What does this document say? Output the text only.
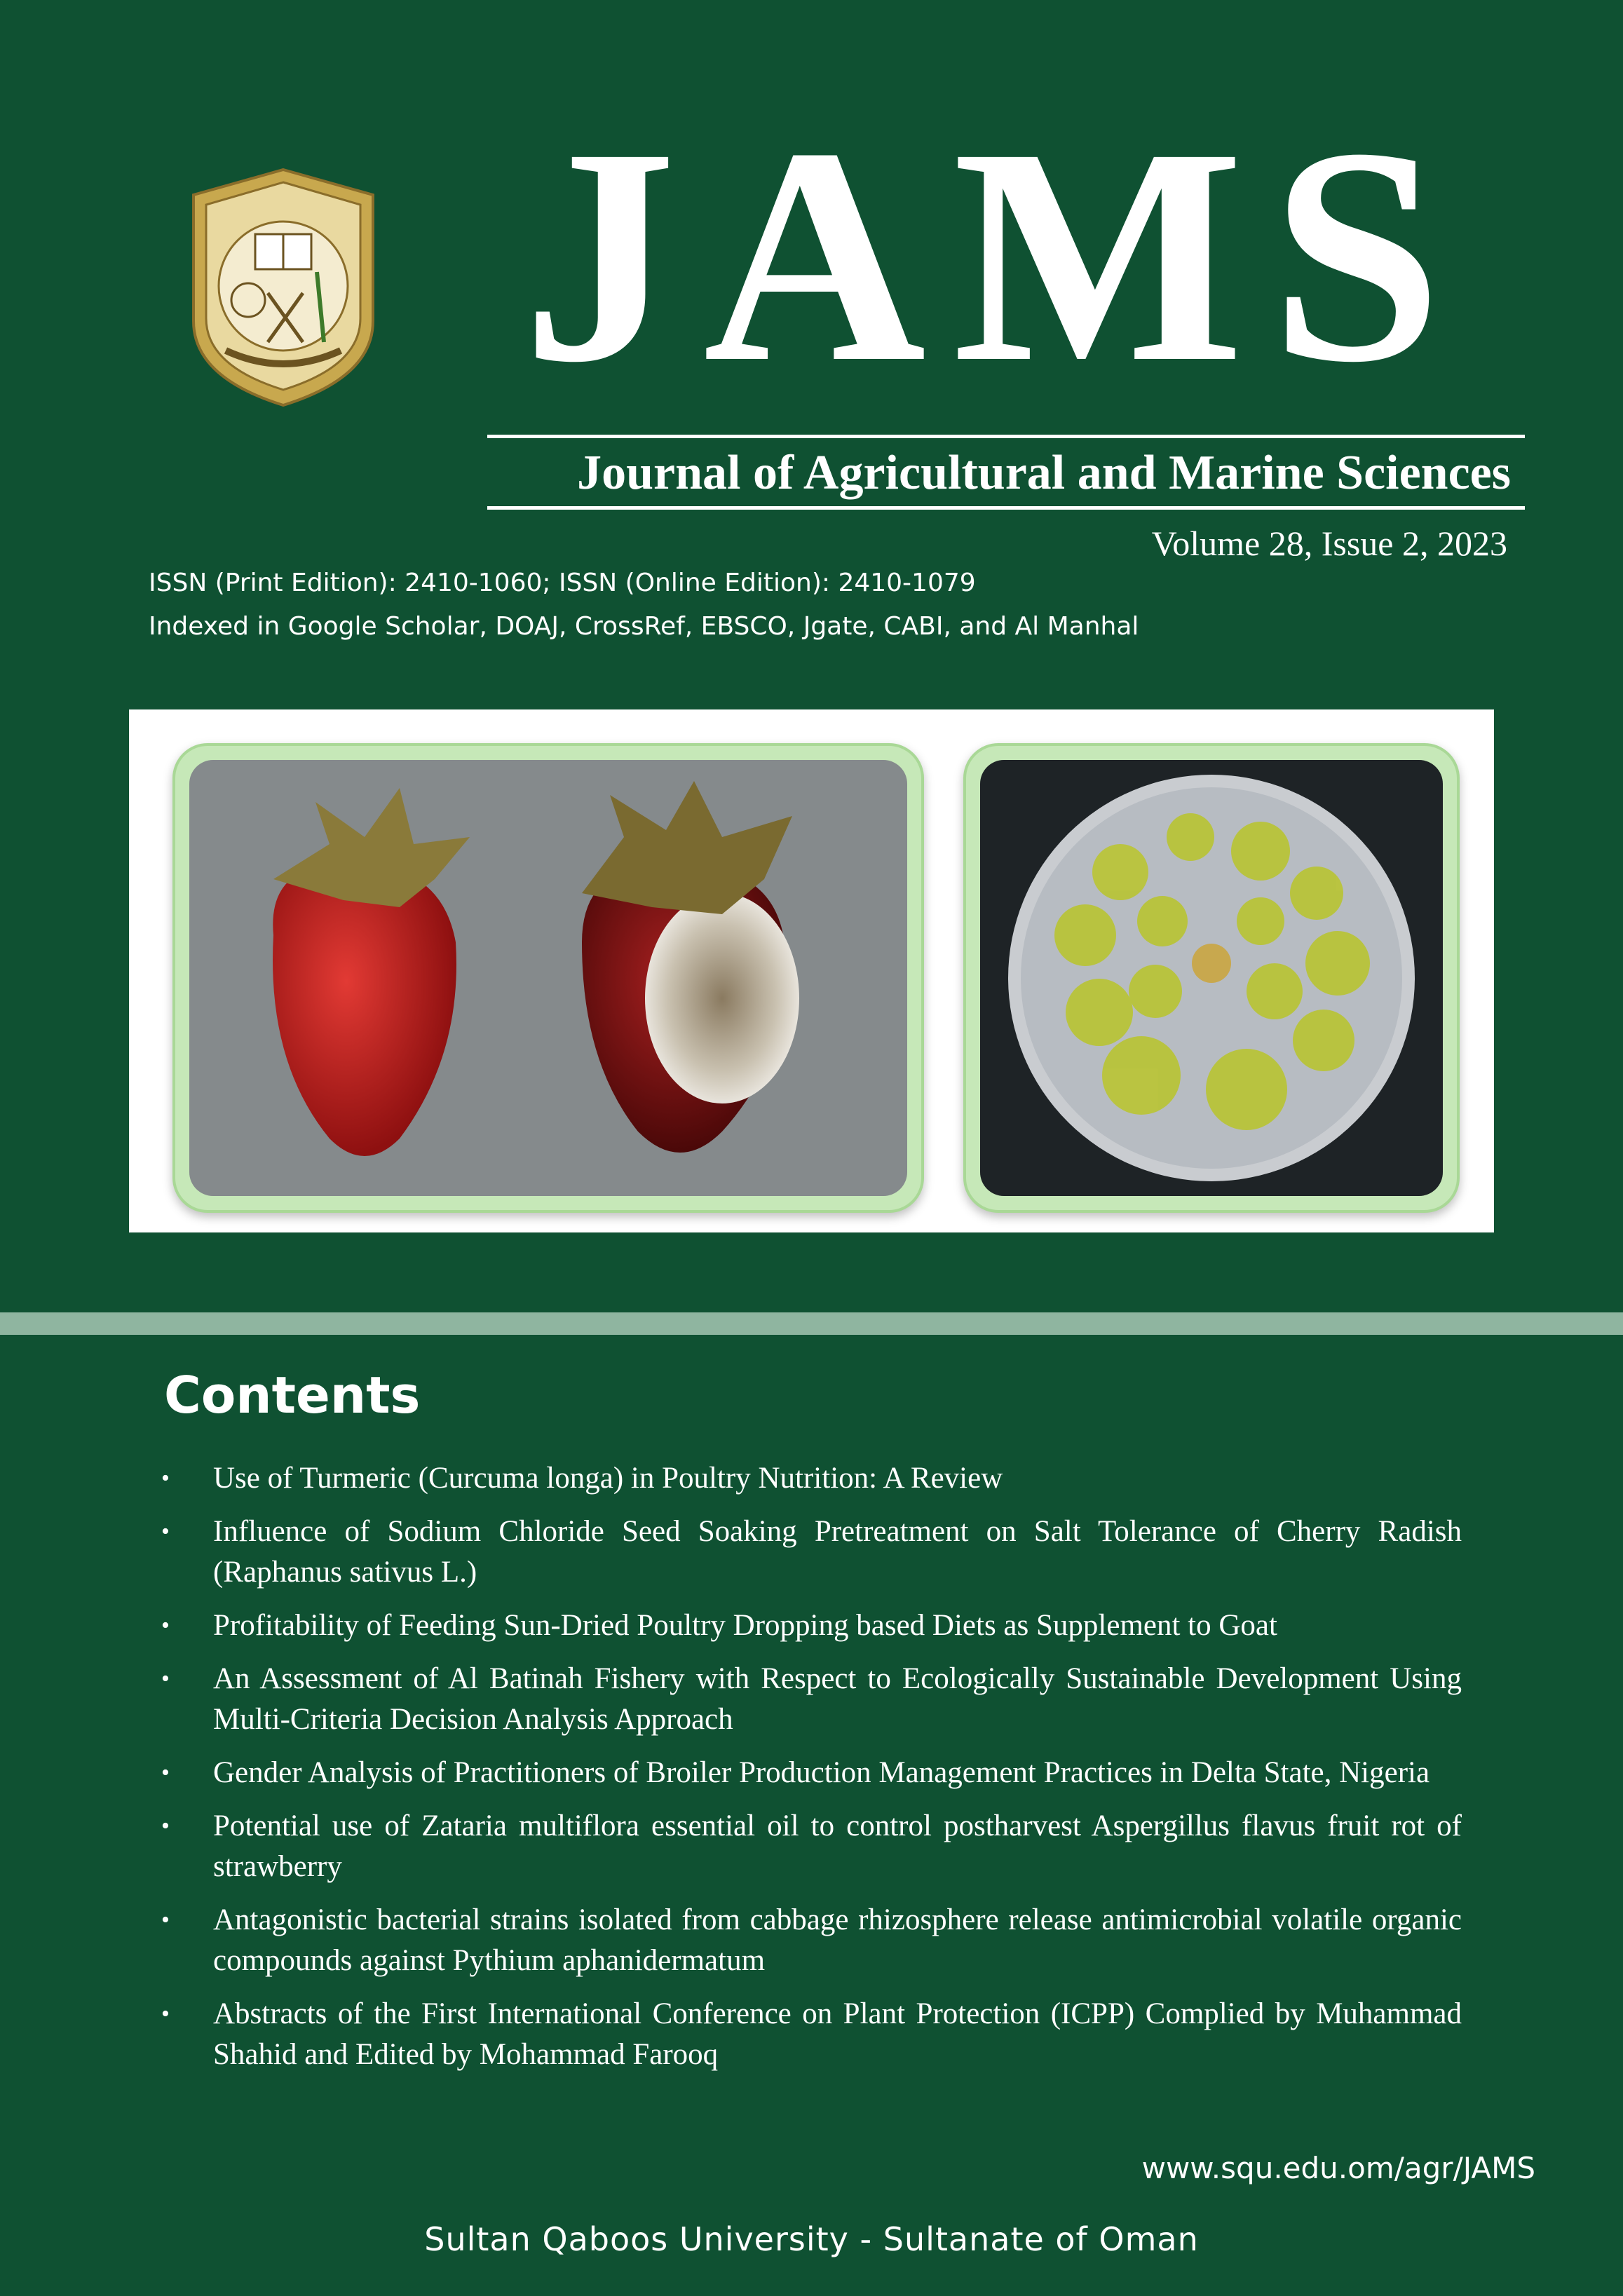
JAMS
Journal of Agricultural and Marine Sciences
Volume 28, Issue 2, 2023
ISSN (Print Edition): 2410-1060; ISSN (Online Edition): 2410-1079
Indexed in Google Scholar, DOAJ, CrossRef, EBSCO, Jgate, CABI, and Al Manhal
Contents
• Use of Turmeric (Curcuma longa) in Poultry Nutrition: A Review
• Influence of Sodium Chloride Seed Soaking Pretreatment on Salt Tolerance of Cherry Radish (Raphanus sativus L.)
• Profitability of Feeding Sun-Dried Poultry Dropping based Diets as Supplement to Goat
• An Assessment of Al Batinah Fishery with Respect to Ecologically Sustainable Development Using Multi-Criteria Decision Analysis Approach
• Gender Analysis of Practitioners of Broiler Production Management Practices in Delta State, Nigeria
• Potential use of Zataria multiflora essential oil to control postharvest Aspergillus flavus fruit rot of strawberry
• Antagonistic bacterial strains isolated from cabbage rhizosphere release antimicrobial volatile organic compounds against Pythium aphanidermatum
• Abstracts of the First International Conference on Plant Protection (ICPP) Complied by Muhammad Shahid and Edited by Mohammad Farooq
www.squ.edu.om/agr/JAMS
Sultan Qaboos University - Sultanate of Oman
